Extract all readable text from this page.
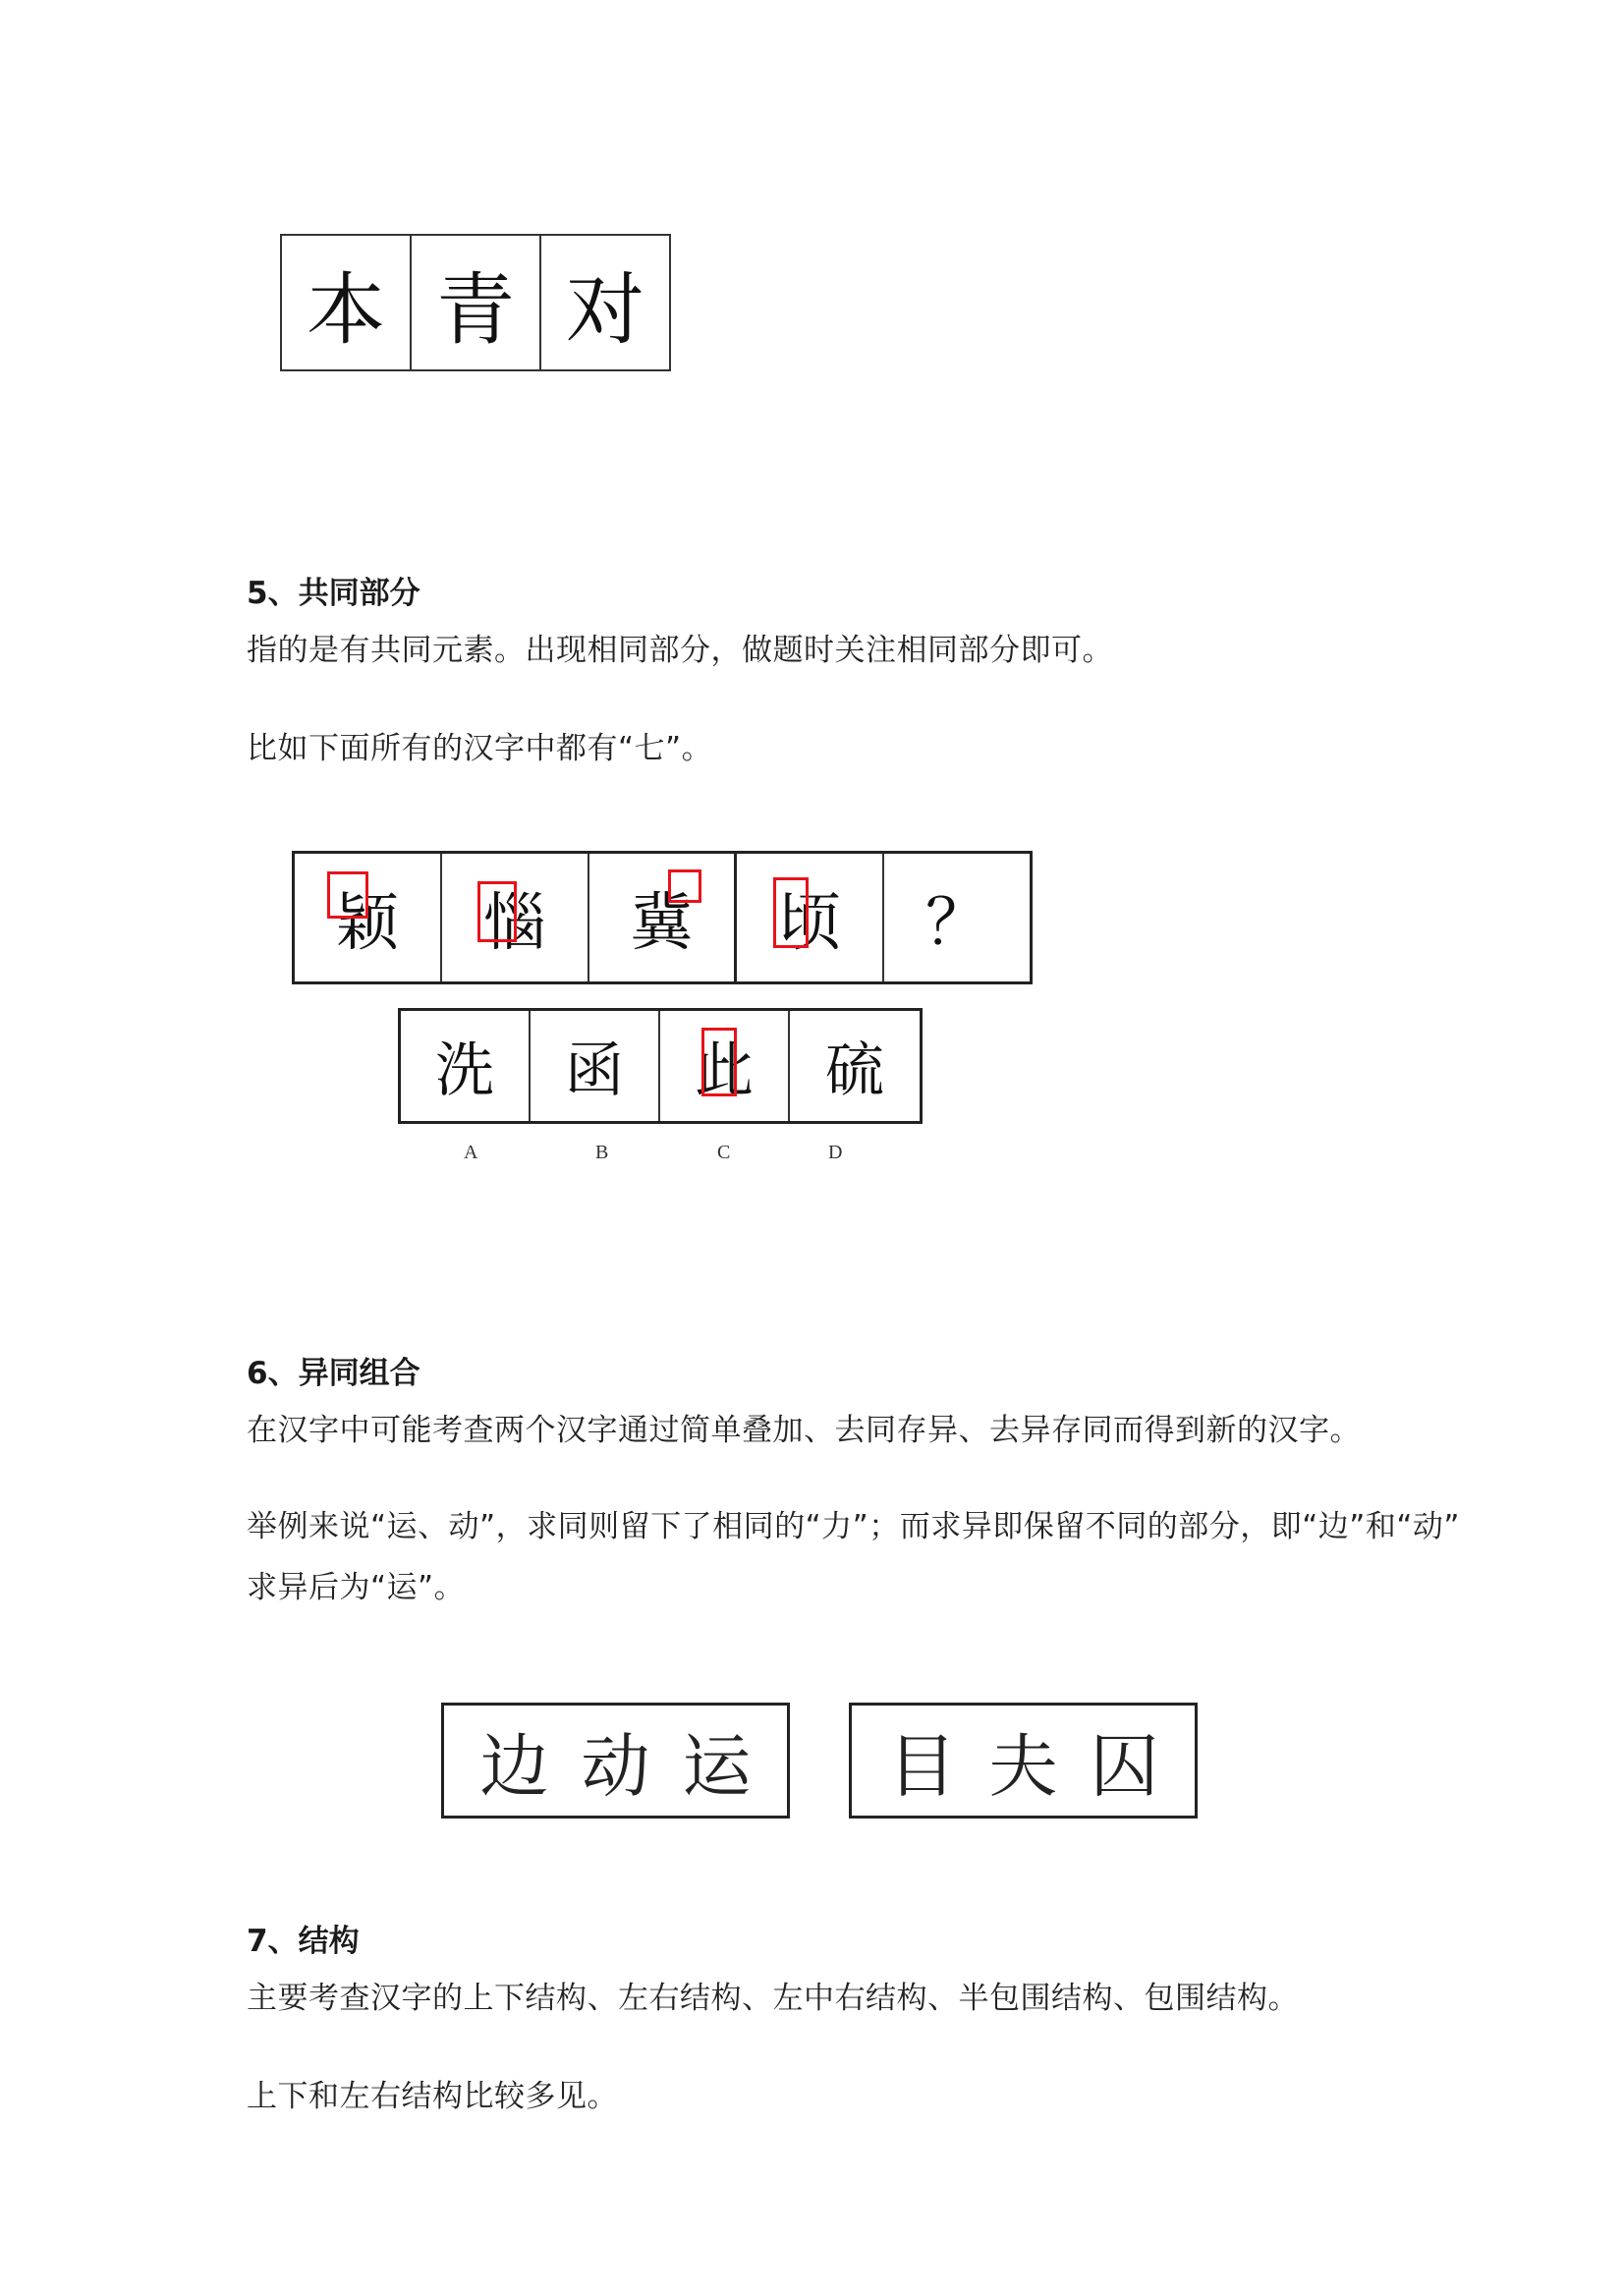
本 青 对
5、共同部分
指的是有共同元素。出现相同部分，做题时关注相同部分即可。
比如下面所有的汉字中都有“七”。
颖 惱 冀 顷 ？
洗 函 此 硫
A	B	C	D
6、异同组合
在汉字中可能考查两个汉字通过简单叠加、去同存异、去异存同而得到新的汉字。
举例来说“运、动”，求同则留下了相同的“力”；而求异即保留不同的部分，即“边”和“动”
求异后为“运”。
边 动 运 目 夫 囚
7、结构
主要考查汉字的上下结构、左右结构、左中右结构、半包围结构、包围结构。
上下和左右结构比较多见。
